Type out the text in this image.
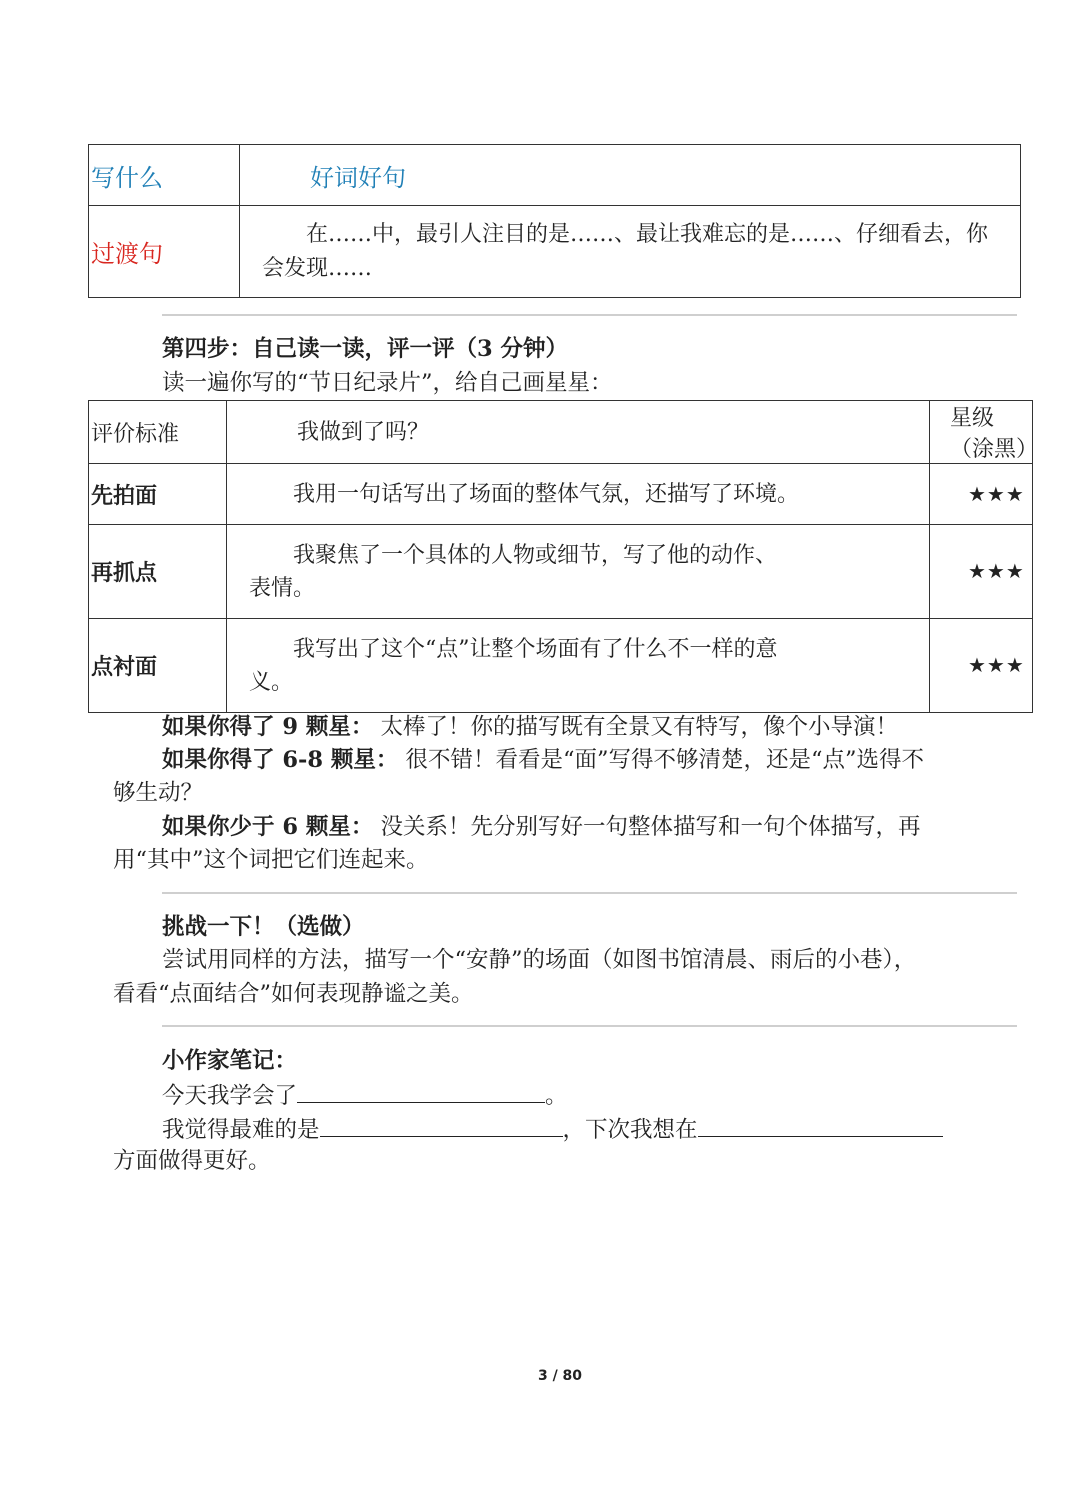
写什么	好词好句
过渡句	在……中，最引人注目的是……、最让我难忘的是……、仔细看去，你
会发现……
第四步：自己读一读，评一评（3 分钟）
读一遍你写的“节日纪录片”，给自己画星星：
评价标准	我做到了吗？	星级（涂黑）
先拍面	我用一句话写出了场面的整体气氛，还描写了环境。	★★★
再抓点	我聚焦了一个具体的人物或细节，写了他的动作、
表情。	★★★
点衬面	我写出了这个“点”让整个场面有了什么不一样的意
义。	★★★
如果你得了 9 颗星： 太棒了！你的描写既有全景又有特写，像个小导演！
如果你得了 6-8 颗星： 很不错！看看是“面”写得不够清楚，还是“点”选得不
够生动？
如果你少于 6 颗星： 没关系！先分别写好一句整体描写和一句个体描写，再
用“其中”这个词把它们连起来。
挑战一下！（选做）
尝试用同样的方法，描写一个“安静”的场面（如图书馆清晨、雨后的小巷），
看看“点面结合”如何表现静谧之美。
小作家笔记：
今天我学会了	。
我觉得最难的是	，下次我想在
方面做得更好。
3 / 80
